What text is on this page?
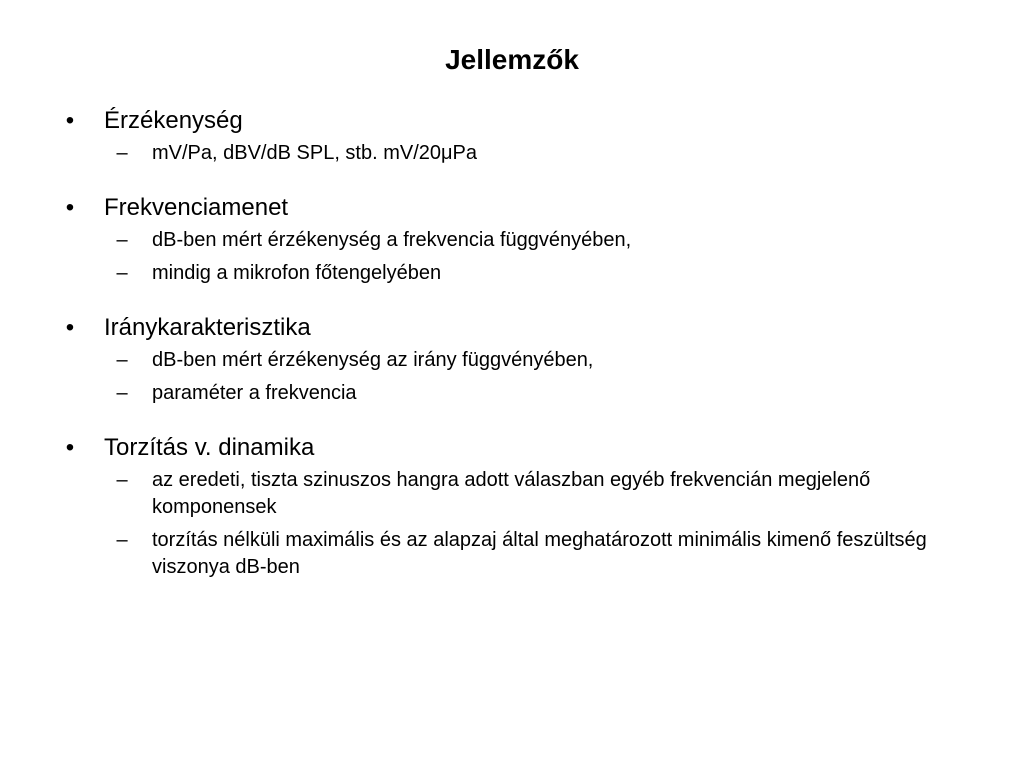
Jellemzők
• Érzékenység
– mV/Pa, dBV/dB SPL, stb. mV/20μPa
• Frekvenciamenet
– dB-ben mért érzékenység a frekvencia függvényében,
– mindig a mikrofon főtengelyében
• Iránykarakterisztika
– dB-ben mért érzékenység az irány függvényében,
– paraméter a frekvencia
• Torzítás v. dinamika
– az eredeti, tiszta szinuszos hangra adott válaszban egyéb frekvencián megjelenő komponensek
– torzítás nélküli maximális és az alapzaj által meghatározott minimális kimenő feszültség viszonya dB-ben
